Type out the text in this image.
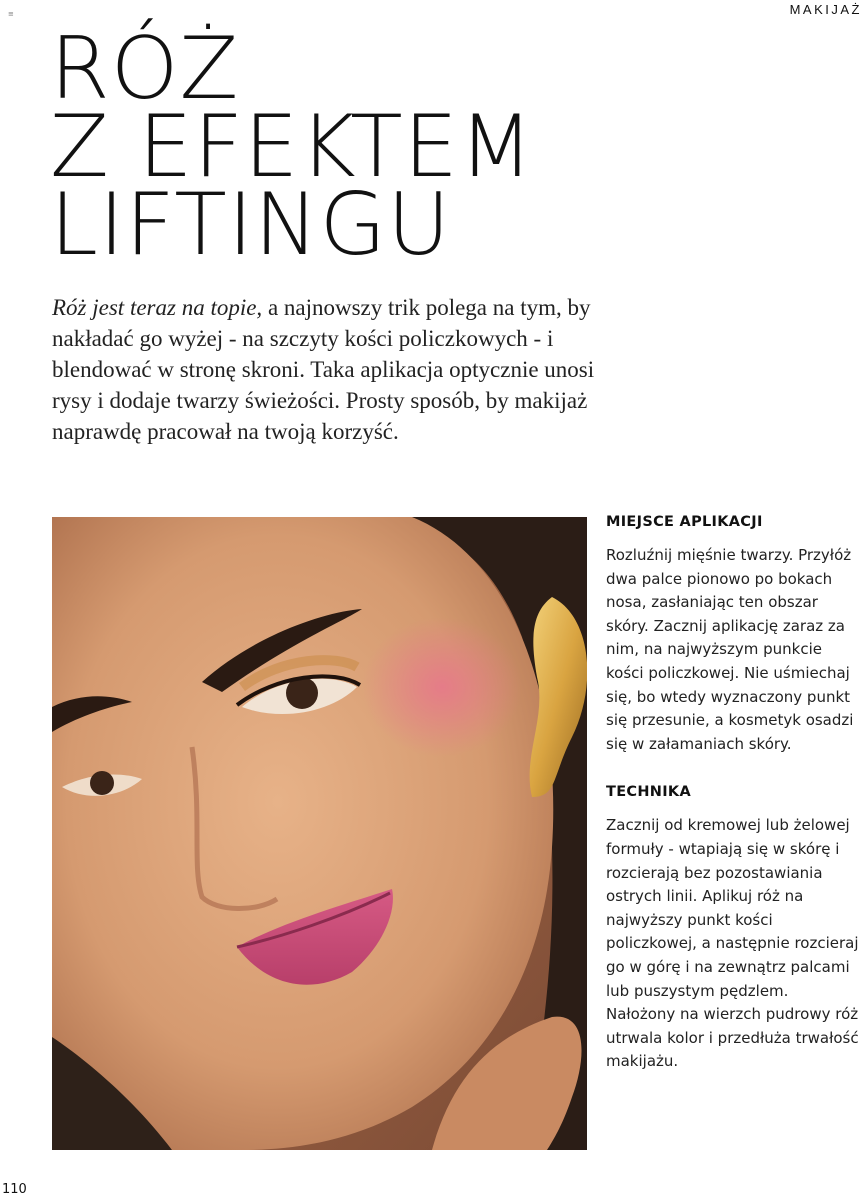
≡	MAKIJAŻ
RÓŻ
Z EFEKTEM
LIFTINGU

Róż jest teraz na topie, a najnowszy trik polega na tym, by nakładać go wyżej - na szczyty kości policzkowych - i blendować w stronę skroni. Taka aplikacja optycznie unosi rysy i dodaje twarzy świeżości. Prosty sposób, by makijaż naprawdę pracował na twoją korzyść.

MIEJSCE APLIKACJI

Rozluźnij mięśnie twarzy. Przyłóż dwa palce pionowo po bokach nosa, zasłaniając ten obszar skóry. Zacznij aplikację zaraz za nim, na najwyższym punkcie kości policzkowej. Nie uśmiechaj się, bo wtedy wyznaczony punkt się przesunie, a kosmetyk osadzi się w załamaniach skóry.

TECHNIKA

Zacznij od kremowej lub żelowej formuły - wtapiają się w skórę i rozcierają bez pozostawiania ostrych linii. Aplikuj róż na najwyższy punkt kości policzkowej, a następnie rozcieraj go w górę i na zewnątrz palcami lub puszystym pędzlem. Nałożony na wierzch pudrowy róż utrwala kolor i przedłuża trwałość makijażu.

110
